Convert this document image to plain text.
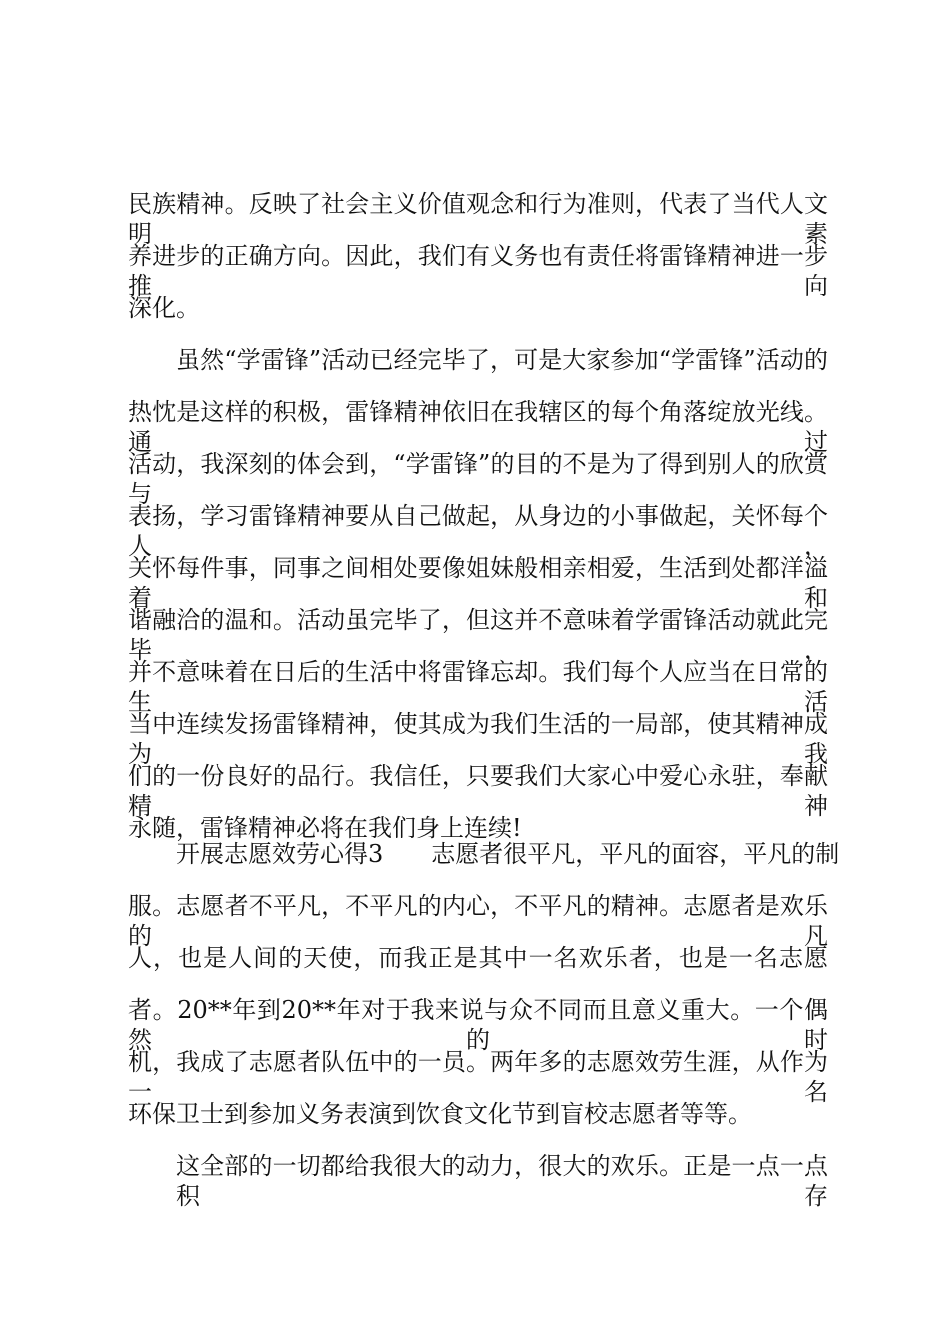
民族精神。反映了社会主义价值观念和行为准则，代表了当代人文明素
养进步的正确方向。因此，我们有义务也有责任将雷锋精神进一步推向
深化。
虽然“学雷锋”活动已经完毕了，可是大家参加“学雷锋”活动的
热忱是这样的积极，雷锋精神依旧在我辖区的每个角落绽放光线。通过
活动，我深刻的体会到，“学雷锋”的目的不是为了得到别人的欣赏与
表扬，学习雷锋精神要从自己做起，从身边的小事做起，关怀每个人，
关怀每件事，同事之间相处要像姐妹般相亲相爱，生活到处都洋溢着和
谐融洽的温和。活动虽完毕了，但这并不意味着学雷锋活动就此完毕，
并不意味着在日后的生活中将雷锋忘却。我们每个人应当在日常的生活
当中连续发扬雷锋精神，使其成为我们生活的一局部，使其精神成为我
们的一份良好的品行。我信任，只要我们大家心中爱心永驻，奉献精神
永随，雷锋精神必将在我们身上连续!
开展志愿效劳心得3 志愿者很平凡，平凡的面容，平凡的制
服。志愿者不平凡，不平凡的内心，不平凡的精神。志愿者是欢乐的凡
人，也是人间的天使，而我正是其中一名欢乐者，也是一名志愿
者。20**年到20**年对于我来说与众不同而且意义重大。一个偶然的时
机，我成了志愿者队伍中的一员。两年多的志愿效劳生涯，从作为一名
环保卫士到参加义务表演到饮食文化节到盲校志愿者等等。
这全部的一切都给我很大的动力，很大的欢乐。正是一点一点积存
